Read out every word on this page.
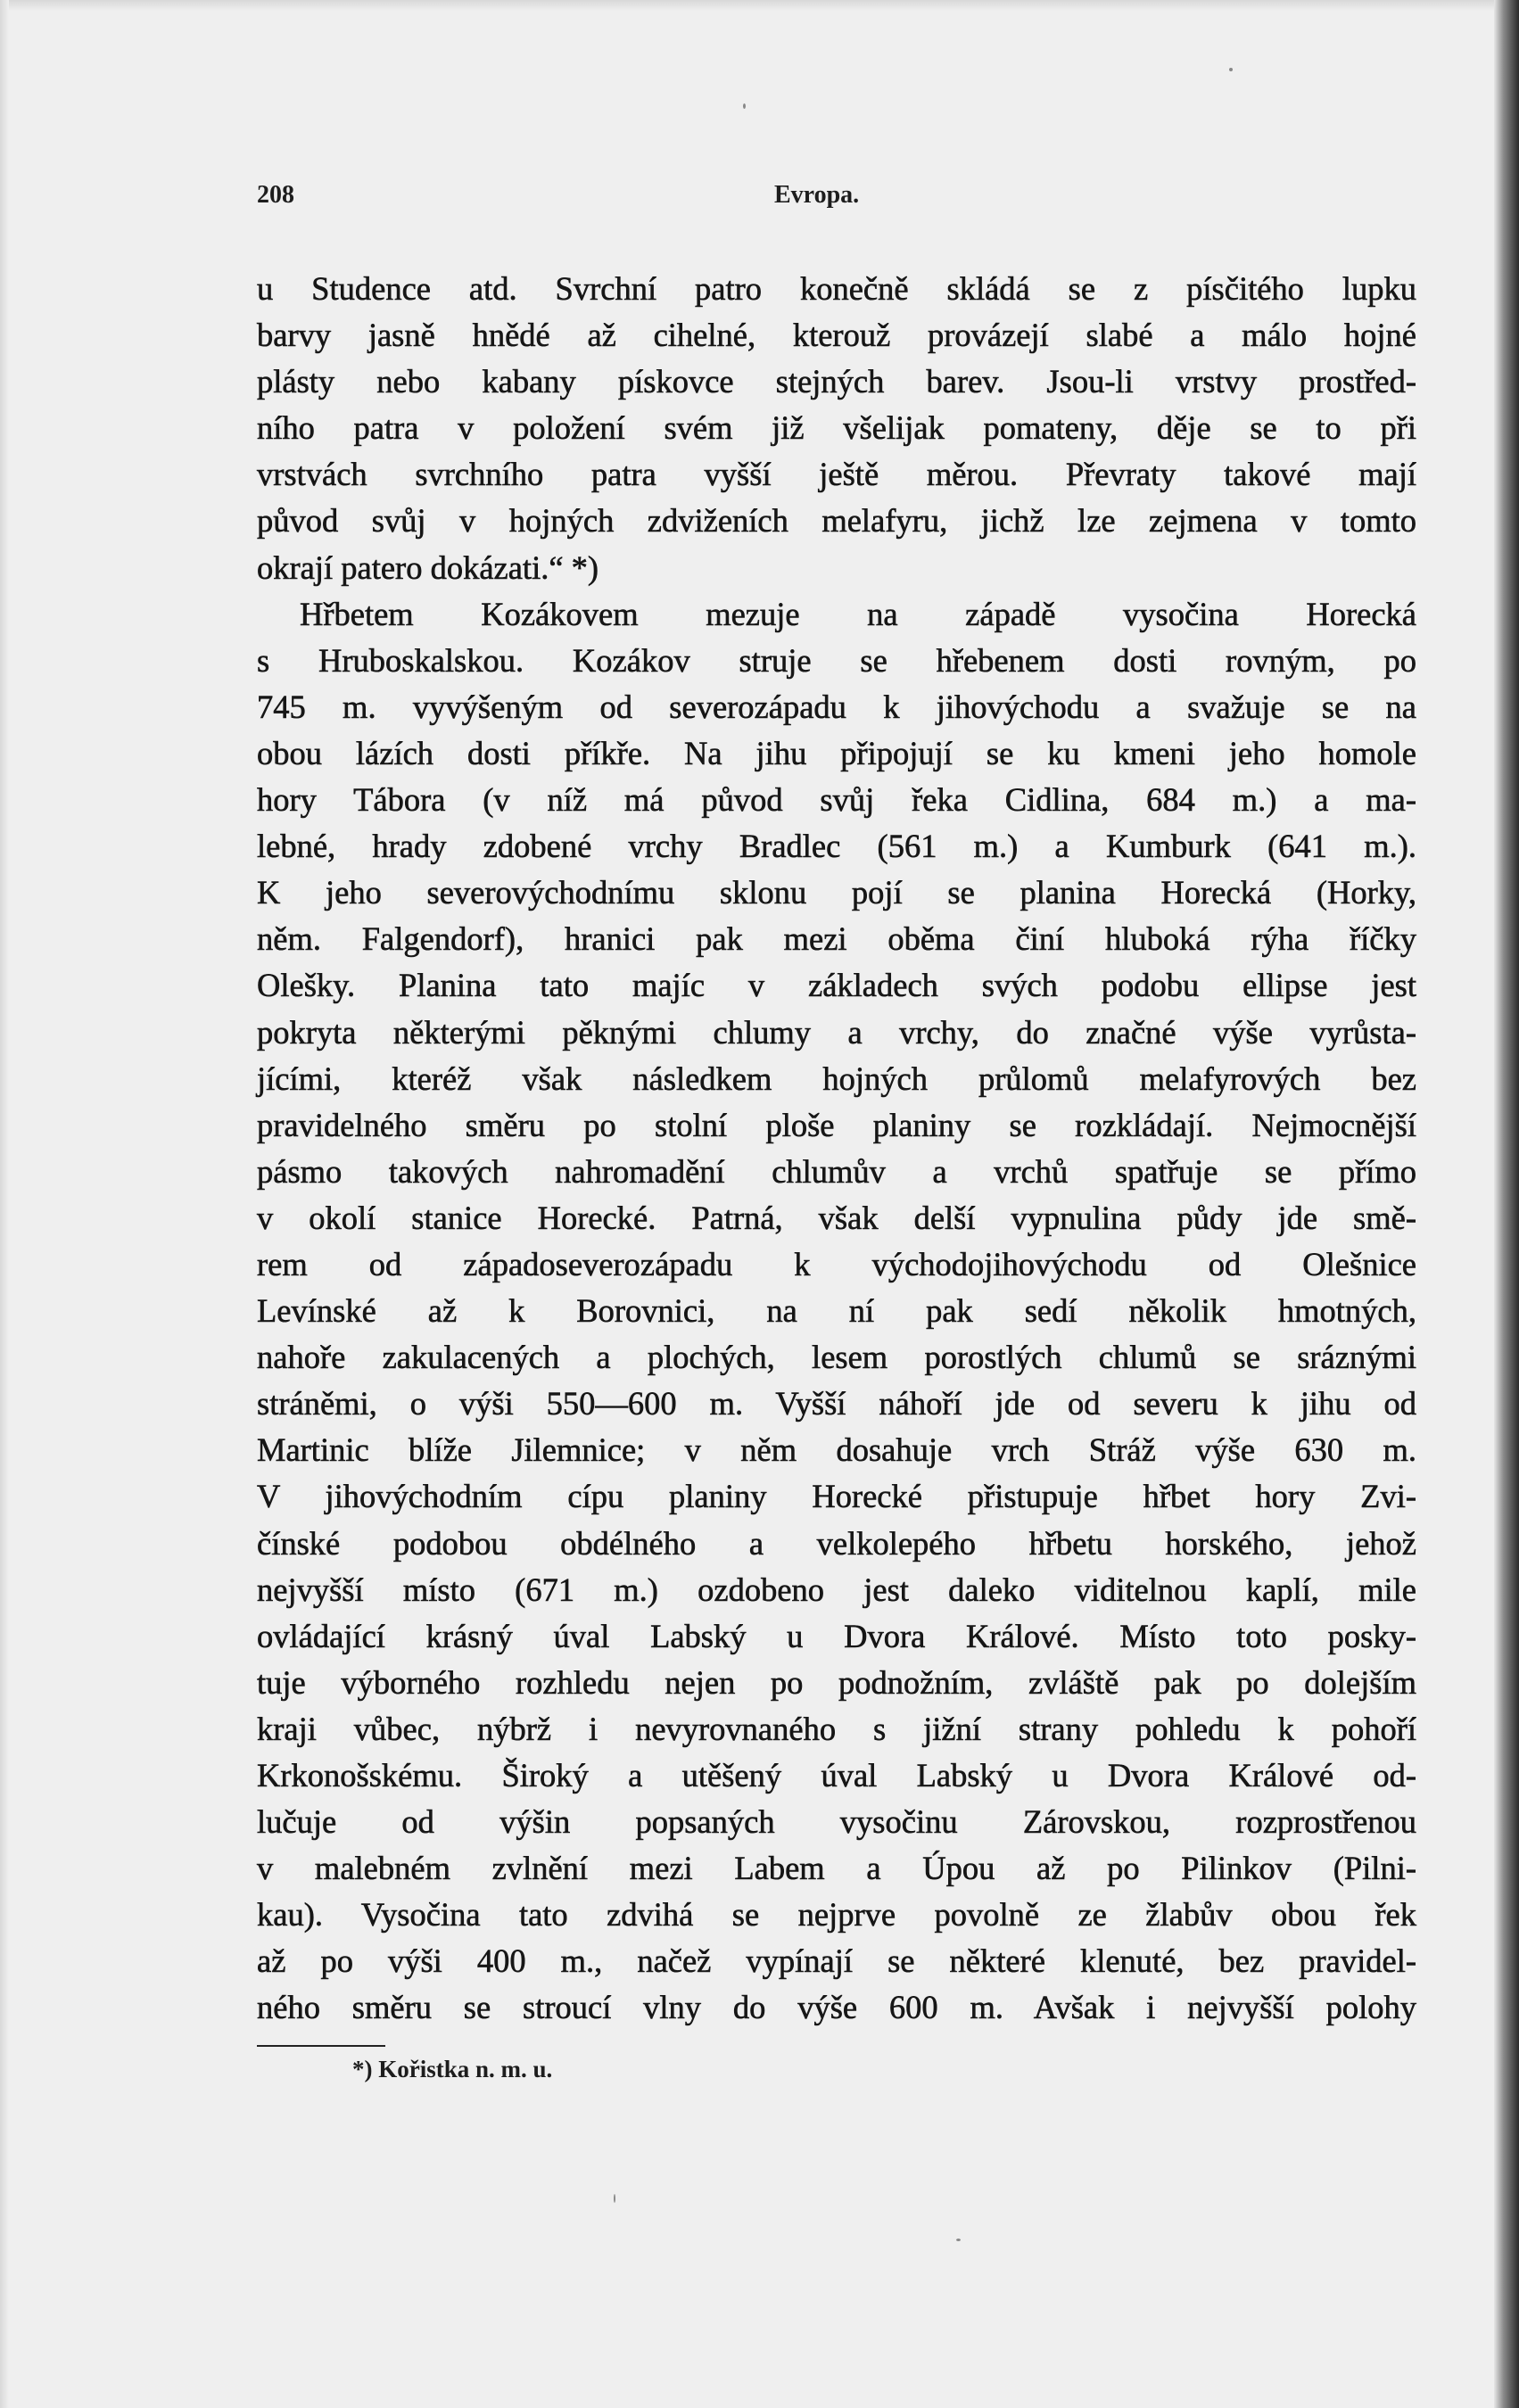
208	Evropa.
u Studence atd. Svrchní patro konečně skládá se z písčitého lupku
barvy jasně hnědé až cihelné, kterouž provázejí slabé a málo hojné
plásty nebo kabany pískovce stejných barev. Jsou-li vrstvy prostřed-
ního patra v položení svém již všelijak pomateny, děje se to při
vrstvách svrchního patra vyšší ještě měrou. Převraty takové mají
původ svůj v hojných zdviženích melafyru, jichž lze zejmena v tomto
okrají patero dokázati.“ *)
Hřbetem Kozákovem mezuje na západě vysočina Horecká
s Hruboskalskou. Kozákov struje se hřebenem dosti rovným, po
745 m. vyvýšeným od severozápadu k jihovýchodu a svažuje se na
obou lázích dosti příkře. Na jihu připojují se ku kmeni jeho homole
hory Tábora (v níž má původ svůj řeka Cidlina, 684 m.) a ma-
lebné, hrady zdobené vrchy Bradlec (561 m.) a Kumburk (641 m.).
K jeho severovýchodnímu sklonu pojí se planina Horecká (Horky,
něm. Falgendorf), hranici pak mezi oběma činí hluboká rýha říčky
Olešky. Planina tato majíc v základech svých podobu ellipse jest
pokryta některými pěknými chlumy a vrchy, do značné výše vyrůsta-
jícími, kteréž však následkem hojných průlomů melafyrových bez
pravidelného směru po stolní ploše planiny se rozkládají. Nejmocnější
pásmo takových nahromadění chlumův a vrchů spatřuje se přímo
v okolí stanice Horecké. Patrná, však delší vypnulina půdy jde smě-
rem od západoseverozápadu k východojihovýchodu od Olešnice
Levínské až k Borovnici, na ní pak sedí několik hmotných,
nahoře zakulacených a plochých, lesem porostlých chlumů se sráznými
stráněmi, o výši 550—600 m. Vyšší náhoří jde od severu k jihu od
Martinic blíže Jilemnice; v něm dosahuje vrch Stráž výše 630 m.
V jihovýchodním cípu planiny Horecké přistupuje hřbet hory Zvi-
čínské podobou obdélného a velkolepého hřbetu horského, jehož
nejvyšší místo (671 m.) ozdobeno jest daleko viditelnou kaplí, mile
ovládající krásný úval Labský u Dvora Králové. Místo toto posky-
tuje výborného rozhledu nejen po podnožním, zvláště pak po dolejším
kraji vůbec, nýbrž i nevyrovnaného s jižní strany pohledu k pohoří
Krkonošskému. Široký a utěšený úval Labský u Dvora Králové od-
lučuje od výšin popsaných vysočinu Zárovskou, rozprostřenou
v malebném zvlnění mezi Labem a Úpou až po Pilinkov (Pilni-
kau). Vysočina tato zdvihá se nejprve povolně ze žlabův obou řek
až po výši 400 m., načež vypínají se některé klenuté, bez pravidel-
ného směru se stroucí vlny do výše 600 m. Avšak i nejvyšší polohy
*) Kořistka n. m. u.
